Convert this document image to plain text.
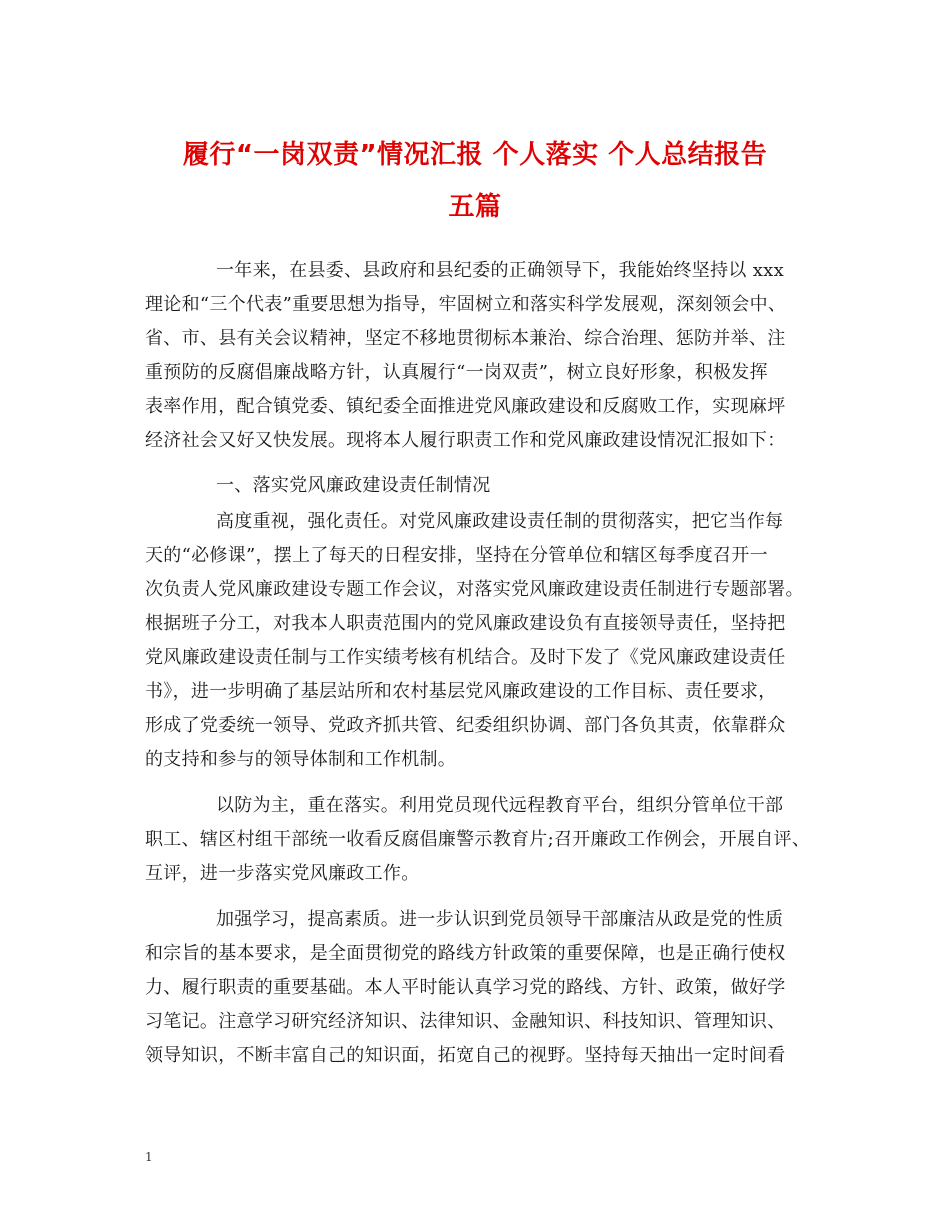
履行“一岗双责”情况汇报 个人落实 个人总结报告
五篇

一年来，在县委、县政府和县纪委的正确领导下，我能始终坚持以 xxx

理论和“三个代表”重要思想为指导，牢固树立和落实科学发展观，深刻领会中、

省、市、县有关会议精神，坚定不移地贯彻标本兼治、综合治理、惩防并举、注

重预防的反腐倡廉战略方针，认真履行“一岗双责”，树立良好形象，积极发挥

表率作用，配合镇党委、镇纪委全面推进党风廉政建设和反腐败工作，实现麻坪

经济社会又好又快发展。现将本人履行职责工作和党风廉政建设情况汇报如下：

一、落实党风廉政建设责任制情况

高度重视，强化责任。对党风廉政建设责任制的贯彻落实，把它当作每

天的“必修课”，摆上了每天的日程安排，坚持在分管单位和辖区每季度召开一

次负责人党风廉政建设专题工作会议，对落实党风廉政建设责任制进行专题部署。

根据班子分工，对我本人职责范围内的党风廉政建设负有直接领导责任，坚持把

党风廉政建设责任制与工作实绩考核有机结合。及时下发了《党风廉政建设责任

书》，进一步明确了基层站所和农村基层党风廉政建设的工作目标、责任要求，

形成了党委统一领导、党政齐抓共管、纪委组织协调、部门各负其责，依靠群众

的支持和参与的领导体制和工作机制。

以防为主，重在落实。利用党员现代远程教育平台，组织分管单位干部

职工、辖区村组干部统一收看反腐倡廉警示教育片;召开廉政工作例会，开展自评、

互评，进一步落实党风廉政工作。

加强学习，提高素质。进一步认识到党员领导干部廉洁从政是党的性质

和宗旨的基本要求，是全面贯彻党的路线方针政策的重要保障，也是正确行使权

力、履行职责的重要基础。本人平时能认真学习党的路线、方针、政策，做好学

习笔记。注意学习研究经济知识、法律知识、金融知识、科技知识、管理知识、

领导知识，不断丰富自己的知识面，拓宽自己的视野。坚持每天抽出一定时间看

1
